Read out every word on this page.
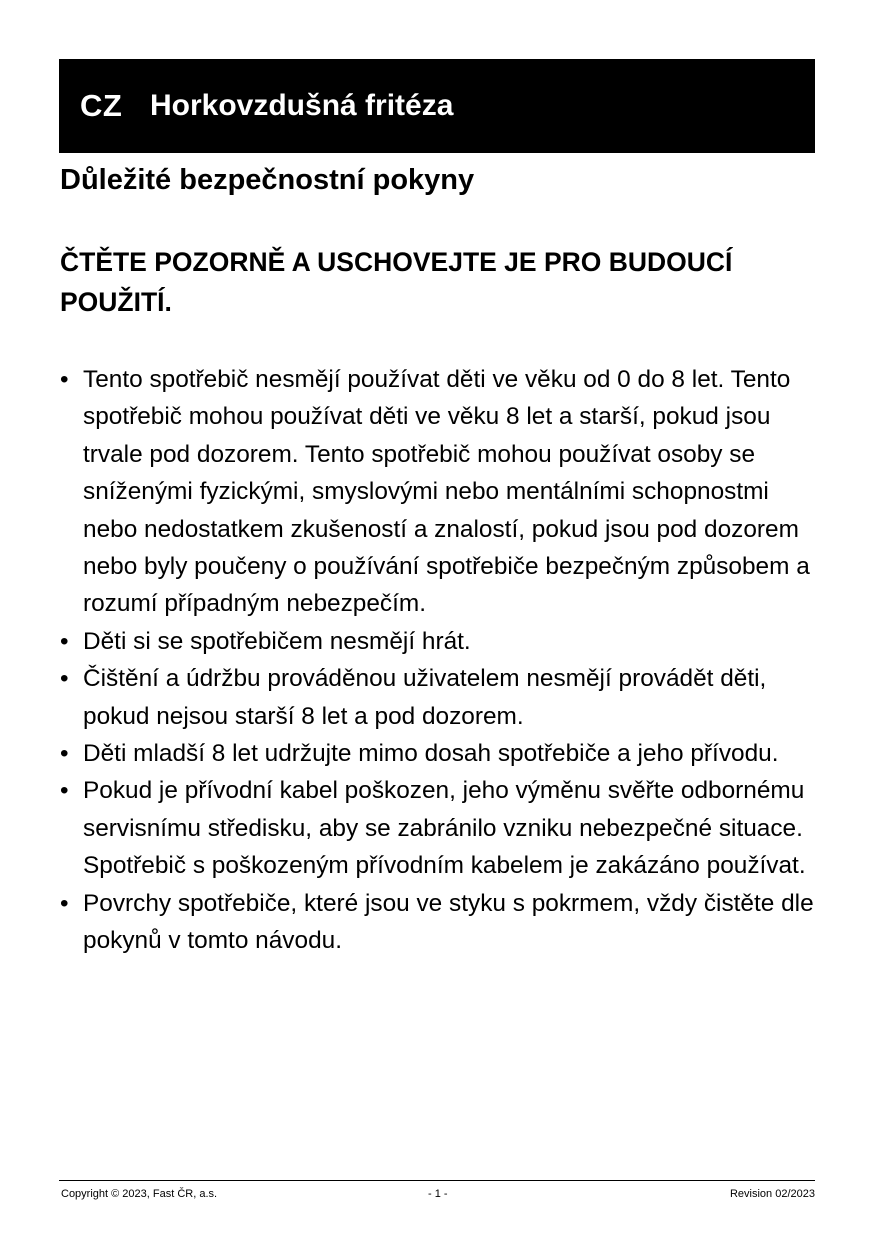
CZ Horkovzdušná fritéza
Důležité bezpečnostní pokyny

ČTĚTE POZORNĚ A USCHOVEJTE JE PRO BUDOUCÍ POUŽITÍ.

• Tento spotřebič nesmějí používat děti ve věku od 0 do 8 let. Tento spotřebič mohou používat děti ve věku 8 let a starší, pokud jsou trvale pod dozorem. Tento spotřebič mohou používat osoby se sníženými fyzickými, smyslovými nebo mentálními schopnostmi nebo nedostatkem zkušeností a znalostí, pokud jsou pod dozorem nebo byly poučeny o používání spotřebiče bezpečným způsobem a rozumí případným nebezpečím.
• Děti si se spotřebičem nesmějí hrát.
• Čištění a údržbu prováděnou uživatelem nesmějí provádět děti, pokud nejsou starší 8 let a pod dozorem.
• Děti mladší 8 let udržujte mimo dosah spotřebiče a jeho přívodu.
• Pokud je přívodní kabel poškozen, jeho výměnu svěřte odbornému servisnímu středisku, aby se zabránilo vzniku nebezpečné situace. Spotřebič s poškozeným přívodním kabelem je zakázáno používat.
• Povrchy spotřebiče, které jsou ve styku s pokrmem, vždy čistěte dle pokynů v tomto návodu.
Copyright © 2023, Fast ČR, a.s.	- 1 -	Revision 02/2023
